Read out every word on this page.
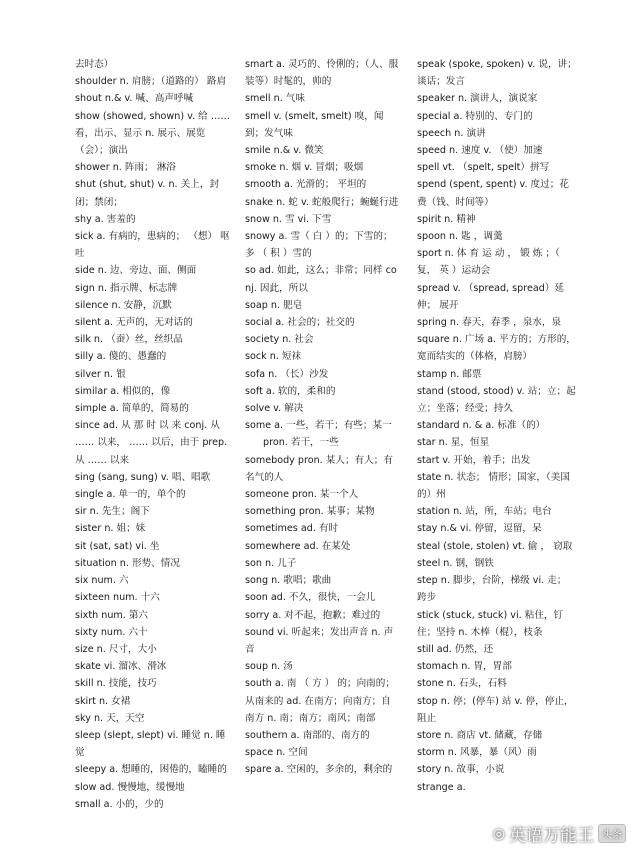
去时态）

shoulder n. 肩膀；（道路的） 路肩

shout n.& v. 喊、高声呼喊

show (showed, shown) v. 给 …… 看，出示、显示 n. 展示、展览（会）；演出

shower n. 阵雨； 淋浴

shut (shut, shut) v. n. 关上，封闭；禁闭；

shy a. 害羞的

sick a. 有病的，患病的； （想） 呕吐

side n. 边、旁边、面、侧面

sign n. 指示牌、标志牌

silence n. 安静，沉默

silent a. 无声的，无对话的

silk n. （蚕）丝，丝织品

silly a. 傻的、愚蠢的

silver n. 银

similar a. 相似的，像

simple a. 简单的，简易的

since ad. 从 那 时 以 来 conj. 从 …… 以来， …… 以后，由于 prep. 从 …… 以来

sing (sang, sung) v. 唱、唱歌

single a. 单一的，单个的

sir n. 先生；阁下

sister n. 姐；妹

sit (sat, sat) vi. 坐

situation n. 形势、情况

six num. 六

sixteen num. 十六

sixth num. 第六

sixty num. 六十

size n. 尺寸，大小

skate vi. 溜冰、滑冰

skill n. 技能，技巧

skirt n. 女裙

sky n. 天，天空

sleep (slept, slept) vi. 睡觉 n. 睡觉

sleepy a. 想睡的，困倦的，瞌睡的

slow ad. 慢慢地，缓慢地

small a. 小的，少的

smart a. 灵巧的、伶俐的；（人、服装等）时髦的，帅的

smell n. 气味

smell v. (smelt, smelt) 嗅，闻到；发气味

smile n.& v. 微笑

smoke n. 烟 v. 冒烟；吸烟

smooth a. 光滑的； 平坦的

snake n. 蛇 v. 蛇般爬行；蜿蜒行进

snow n. 雪 vi. 下雪

snowy a. 雪（ 白 ）的；下雪的；多 （ 积 ）雪的

so ad. 如此，这么；非常；同样 conj. 因此，所以

soap n. 肥皂

social a. 社会的；社交的

society n. 社会

sock n. 短袜

sofa n. （长）沙发

soft a. 软的，柔和的

solve v. 解决

some a. 一些，若干；有些；某一

pron. 若干，一些

somebody pron. 某人；有人；有名气的人

someone pron. 某一个人

something pron. 某事；某物

sometimes ad. 有时

somewhere ad. 在某处

son n. 儿子

song n. 歌唱；歌曲

soon ad. 不久，很快，一会儿

sorry a. 对不起，抱歉；难过的

sound vi. 听起来；发出声音 n. 声音

soup n. 汤

south a. 南 （ 方 ） 的；向南的；从南来的 ad. 在南方；向南方；自南方 n. 南；南方；南风；南部

southern a. 南部的、南方的

space n. 空间

spare a. 空闲的，多余的，剩余的

speak (spoke, spoken) v. 说，讲；谈话；发言

speaker n. 演讲人，演说家

special a. 特别的、专门的

speech n. 演讲

speed n. 速度 v. （使）加速

spell vt. （spelt, spelt）拼写

spend (spent, spent) v. 度过；花费（钱、时间等）

spirit n. 精神

spoon n. 匙 ，调羹

sport n. 体 育 运 动 ， 锻 炼 ；（ 复， 英 ）运动会

spread v. （spread, spread）延伸； 展开

spring n. 春天，春季 ，泉水，泉

square n. 广场 a. 平方的；方形的，宽而结实的（体格，肩膀）

stamp n. 邮票

stand (stood, stood) v. 站；立；起立；坐落；经受；持久

standard n. & a. 标准（的）

star n. 星，恒星

start v. 开始，着手；出发

state n. 状态； 情形；国家，（美国的）州

station n. 站，所，车站；电台

stay n.& vi. 停留，逗留，呆

steal (stole, stolen) vt. 偷 ， 窃取

steel n. 钢，钢铁

step n. 脚步，台阶，梯级 vi. 走； 跨步

stick (stuck, stuck) vi. 粘住，钉住；坚持 n. 木棒（棍），枝条

still ad. 仍然，还

stomach n. 胃，胃部

stone n. 石头，石料

stop n. 停；(停车) 站 v. 停，停止，阻止

store n. 商店 vt. 储藏，存储

storm n. 风暴，暴（风）雨

story n. 故事，小说

strange a.

◎ 英语万能王 头条
